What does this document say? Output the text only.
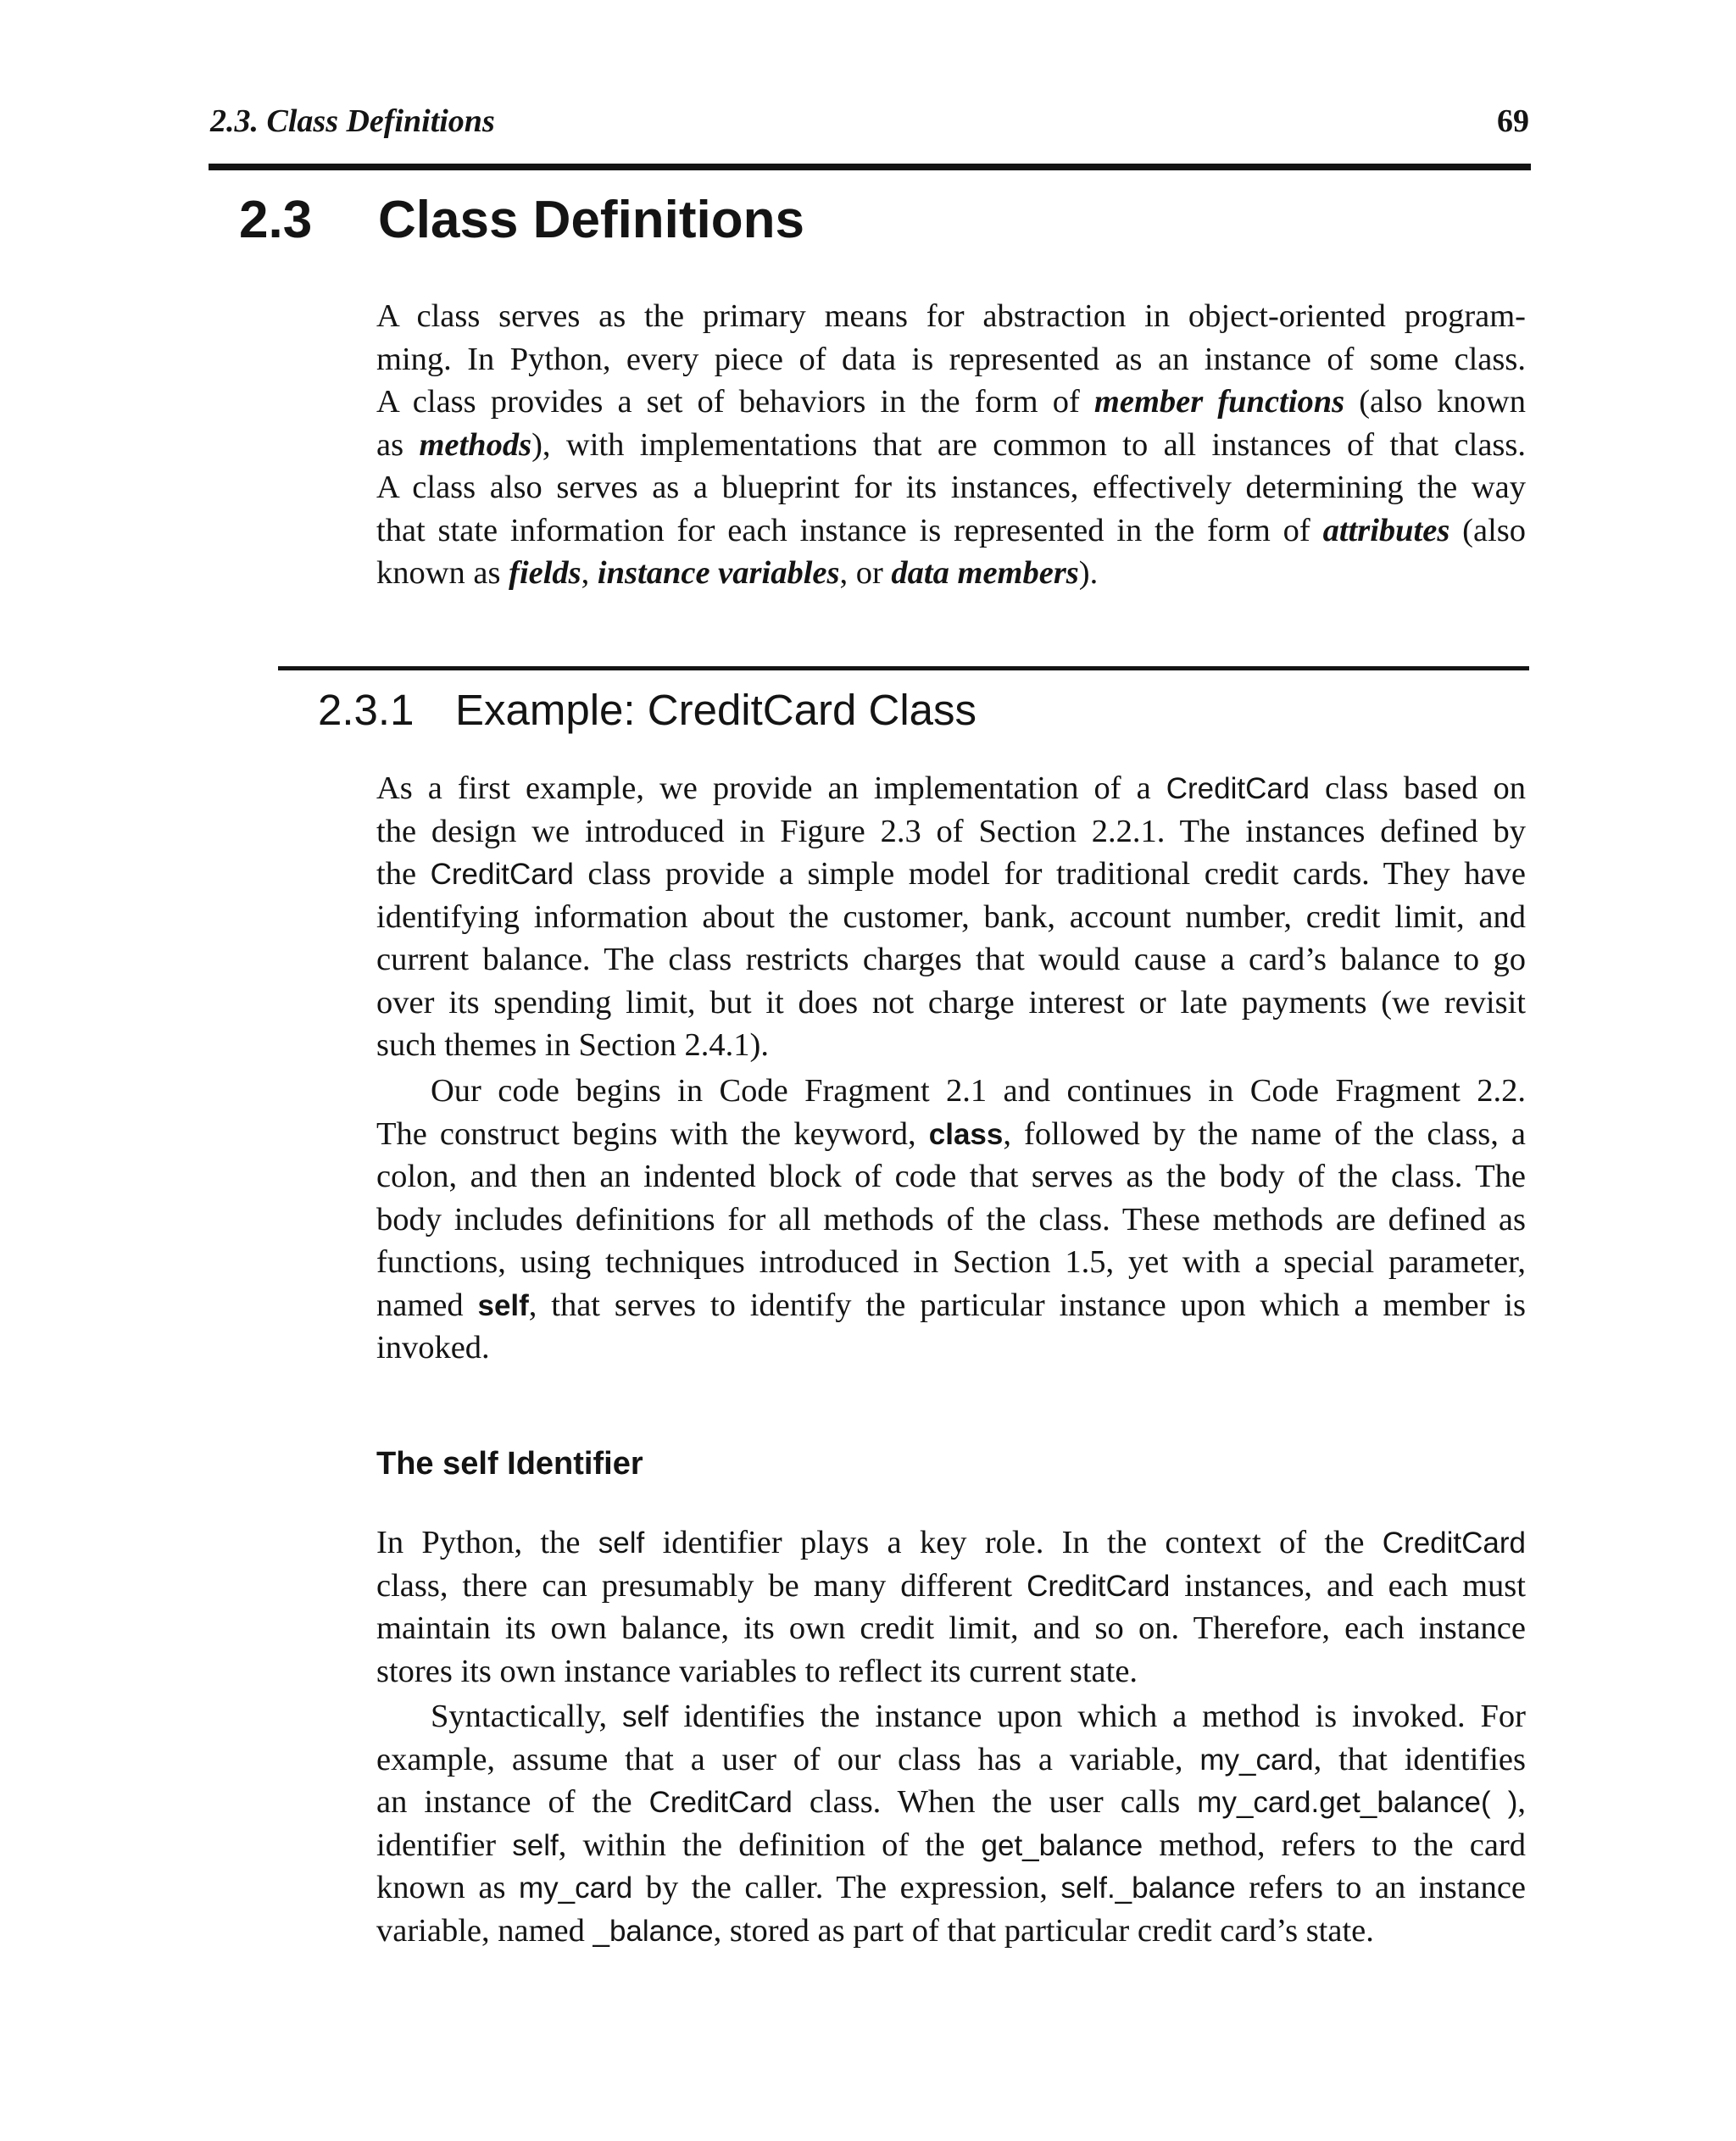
2.3. Class Definitions	69
2.3 Class Definitions
A class serves as the primary means for abstraction in object-oriented program-
ming. In Python, every piece of data is represented as an instance of some class.
A class provides a set of behaviors in the form of member functions (also known
as methods), with implementations that are common to all instances of that class.
A class also serves as a blueprint for its instances, effectively determining the way
that state information for each instance is represented in the form of attributes (also
known as fields, instance variables, or data members).
2.3.1 Example: CreditCard Class
As a first example, we provide an implementation of a CreditCard class based on
the design we introduced in Figure 2.3 of Section 2.2.1. The instances defined by
the CreditCard class provide a simple model for traditional credit cards. They have
identifying information about the customer, bank, account number, credit limit, and
current balance. The class restricts charges that would cause a card’s balance to go
over its spending limit, but it does not charge interest or late payments (we revisit
such themes in Section 2.4.1).
Our code begins in Code Fragment 2.1 and continues in Code Fragment 2.2.
The construct begins with the keyword, class, followed by the name of the class, a
colon, and then an indented block of code that serves as the body of the class. The
body includes definitions for all methods of the class. These methods are defined as
functions, using techniques introduced in Section 1.5, yet with a special parameter,
named self, that serves to identify the particular instance upon which a member is
invoked.
The self Identifier
In Python, the self identifier plays a key role. In the context of the CreditCard
class, there can presumably be many different CreditCard instances, and each must
maintain its own balance, its own credit limit, and so on. Therefore, each instance
stores its own instance variables to reflect its current state.
Syntactically, self identifies the instance upon which a method is invoked. For
example, assume that a user of our class has a variable, my_card, that identifies
an instance of the CreditCard class. When the user calls my_card.get_balance( ),
identifier self, within the definition of the get_balance method, refers to the card
known as my_card by the caller. The expression, self._balance refers to an instance
variable, named _balance, stored as part of that particular credit card’s state.
